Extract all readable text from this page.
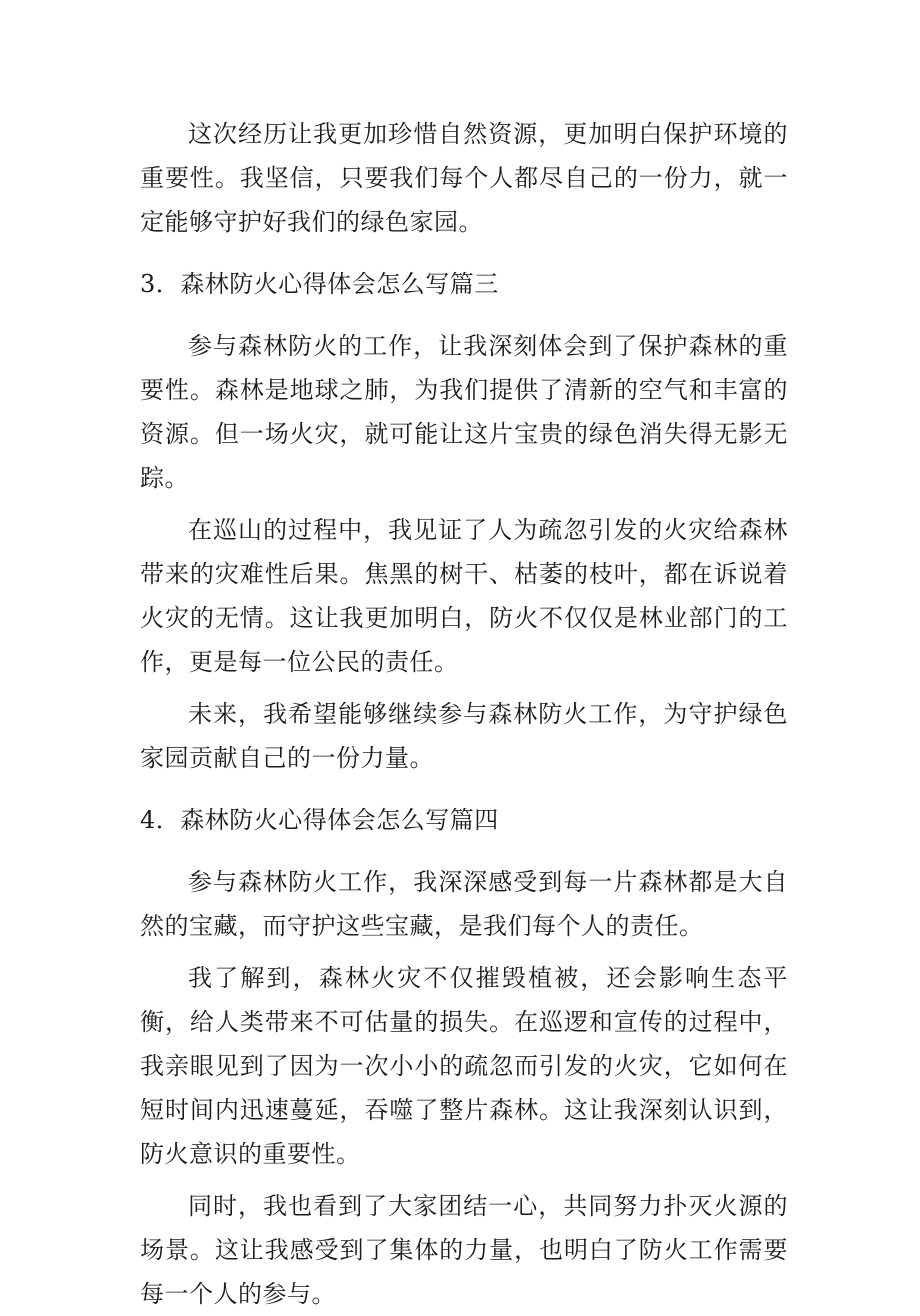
这次经历让我更加珍惜自然资源，更加明白保护环境的重要性。我坚信，只要我们每个人都尽自己的一份力，就一定能够守护好我们的绿色家园。

3．森林防火心得体会怎么写篇三

参与森林防火的工作，让我深刻体会到了保护森林的重要性。森林是地球之肺，为我们提供了清新的空气和丰富的资源。但一场火灾，就可能让这片宝贵的绿色消失得无影无踪。

在巡山的过程中，我见证了人为疏忽引发的火灾给森林带来的灾难性后果。焦黑的树干、枯萎的枝叶，都在诉说着火灾的无情。这让我更加明白，防火不仅仅是林业部门的工作，更是每一位公民的责任。

未来，我希望能够继续参与森林防火工作，为守护绿色家园贡献自己的一份力量。

4．森林防火心得体会怎么写篇四

参与森林防火工作，我深深感受到每一片森林都是大自然的宝藏，而守护这些宝藏，是我们每个人的责任。

我了解到，森林火灾不仅摧毁植被，还会影响生态平衡，给人类带来不可估量的损失。在巡逻和宣传的过程中，我亲眼见到了因为一次小小的疏忽而引发的火灾，它如何在短时间内迅速蔓延，吞噬了整片森林。这让我深刻认识到，防火意识的重要性。

同时，我也看到了大家团结一心，共同努力扑灭火源的场景。这让我感受到了集体的力量，也明白了防火工作需要每一个人的参与。
